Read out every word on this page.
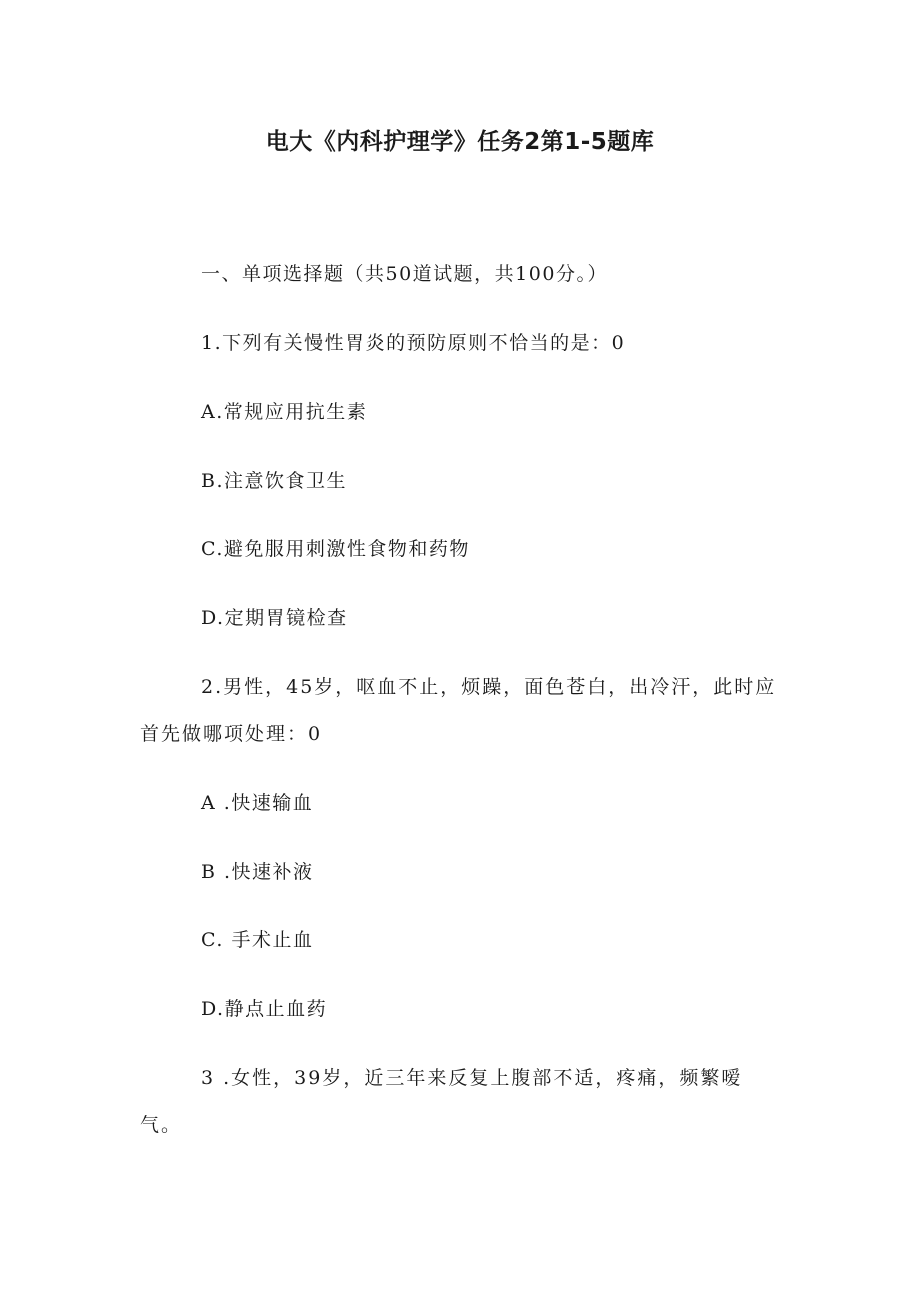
电大《内科护理学》任务2第1-5题库

一、单项选择题（共50道试题，共100分。）

1.下列有关慢性胃炎的预防原则不恰当的是：0

A.常规应用抗生素

B.注意饮食卫生

C.避免服用刺激性食物和药物

D.定期胃镜检查

2.男性，45岁，呕血不止，烦躁，面色苍白，出冷汗，此时应首先做哪项处理：0

A .快速输血

B .快速补液

C. 手术止血

D.静点止血药

3 .女性，39岁，近三年来反复上腹部不适，疼痛，频繁嗳气。
